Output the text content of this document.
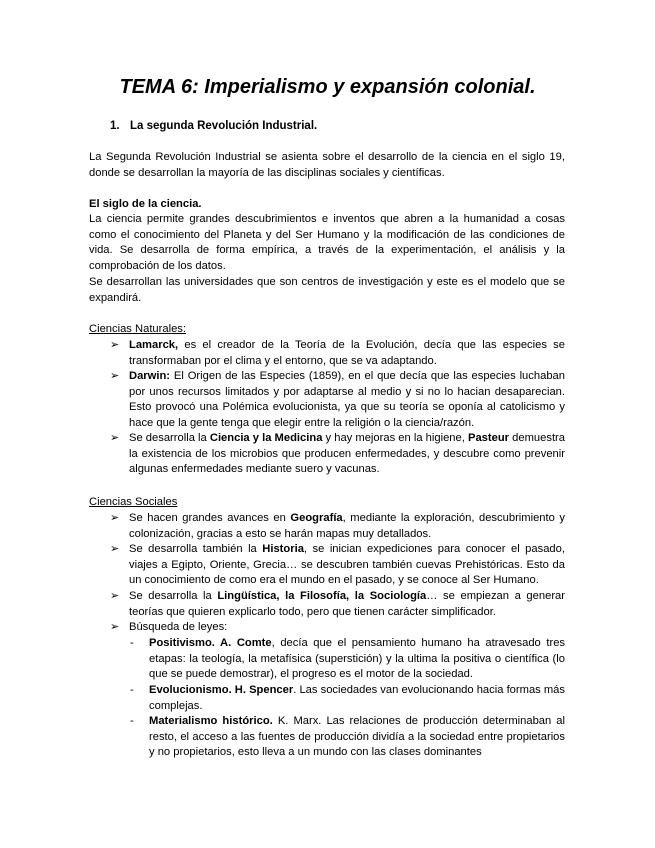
TEMA 6: Imperialismo y expansión colonial.
1. La segunda Revolución Industrial.
La Segunda Revolución Industrial se asienta sobre el desarrollo de la ciencia en el siglo 19, donde se desarrollan la mayoría de las disciplinas sociales y científicas.
El siglo de la ciencia.
La ciencia permite grandes descubrimientos e inventos que abren a la humanidad a cosas como el conocimiento del Planeta y del Ser Humano y la modificación de las condiciones de vida. Se desarrolla de forma empírica, a través de la experimentación, el análisis y la comprobación de los datos.
Se desarrollan las universidades que son centros de investigación y este es el modelo que se expandirá.
Ciencias Naturales:
➢ Lamarck, es el creador de la Teoría de la Evolución, decía que las especies se transformaban por el clima y el entorno, que se va adaptando.
➢ Darwin: El Origen de las Especies (1859), en el que decía que las especies luchaban por unos recursos limitados y por adaptarse al medio y si no lo hacian desaparecian. Esto provocó una Polémica evolucionista, ya que su teoría se oponía al catolicismo y hace que la gente tenga que elegir entre la religión o la ciencia/razón.
➢ Se desarrolla la Ciencia y la Medicina y hay mejoras en la higiene, Pasteur demuestra la existencia de los microbios que producen enfermedades, y descubre como prevenir algunas enfermedades mediante suero y vacunas.
Ciencias Sociales
➢ Se hacen grandes avances en Geografía, mediante la exploración, descubrimiento y colonización, gracias a esto se harán mapas muy detallados.
➢ Se desarrolla también la Historia, se inician expediciones para conocer el pasado, viajes a Egipto, Oriente, Grecia… se descubren también cuevas Prehistóricas. Esto da un conocimiento de como era el mundo en el pasado, y se conoce al Ser Humano.
➢ Se desarrolla la Lingüística, la Filosofía, la Sociología… se empiezan a generar teorías que quieren explicarlo todo, pero que tienen carácter simplificador.
➢ Búsqueda de leyes:
-	Positivismo. A. Comte, decía que el pensamiento humano ha atravesado tres etapas: la teología, la metafísica (superstición) y la ultima la positiva o científica (lo que se puede demostrar), el progreso es el motor de la sociedad.
-	Evolucionismo. H. Spencer. Las sociedades van evolucionando hacia formas más complejas.
-	Materialismo histórico. K. Marx. Las relaciones de producción determinaban al resto, el acceso a las fuentes de producción dividía a la sociedad entre propietarios y no propietarios, esto lleva a un mundo con las clases dominantes
